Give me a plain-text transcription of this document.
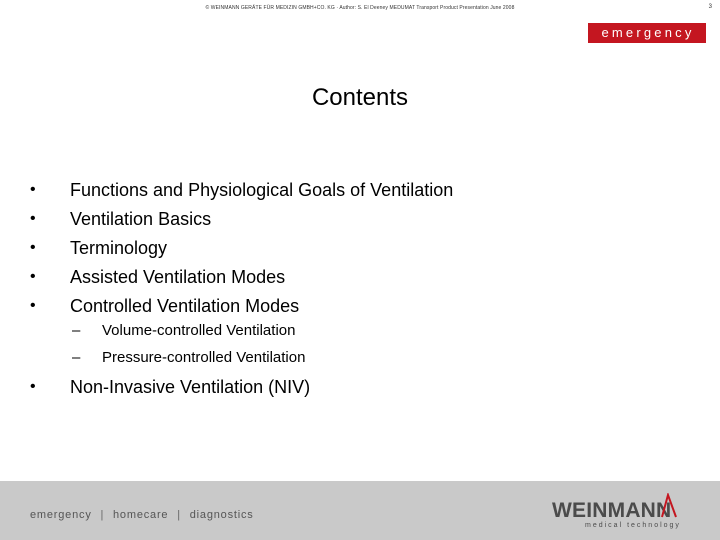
© WEINMANN GERÄTE FÜR MEDIZIN GMBH+CO. KG · Author: S. El Deeney MEDUMAT Transport Product Presentation June 2008	3
emergency
Contents
• Functions and Physiological Goals of Ventilation
• Ventilation Basics
• Terminology
• Assisted Ventilation Modes
• Controlled Ventilation Modes
– Volume-controlled Ventilation
– Pressure-controlled Ventilation
• Non-Invasive Ventilation (NIV)
emergency | homecare | diagnostics	WEINMANN
medical technology
